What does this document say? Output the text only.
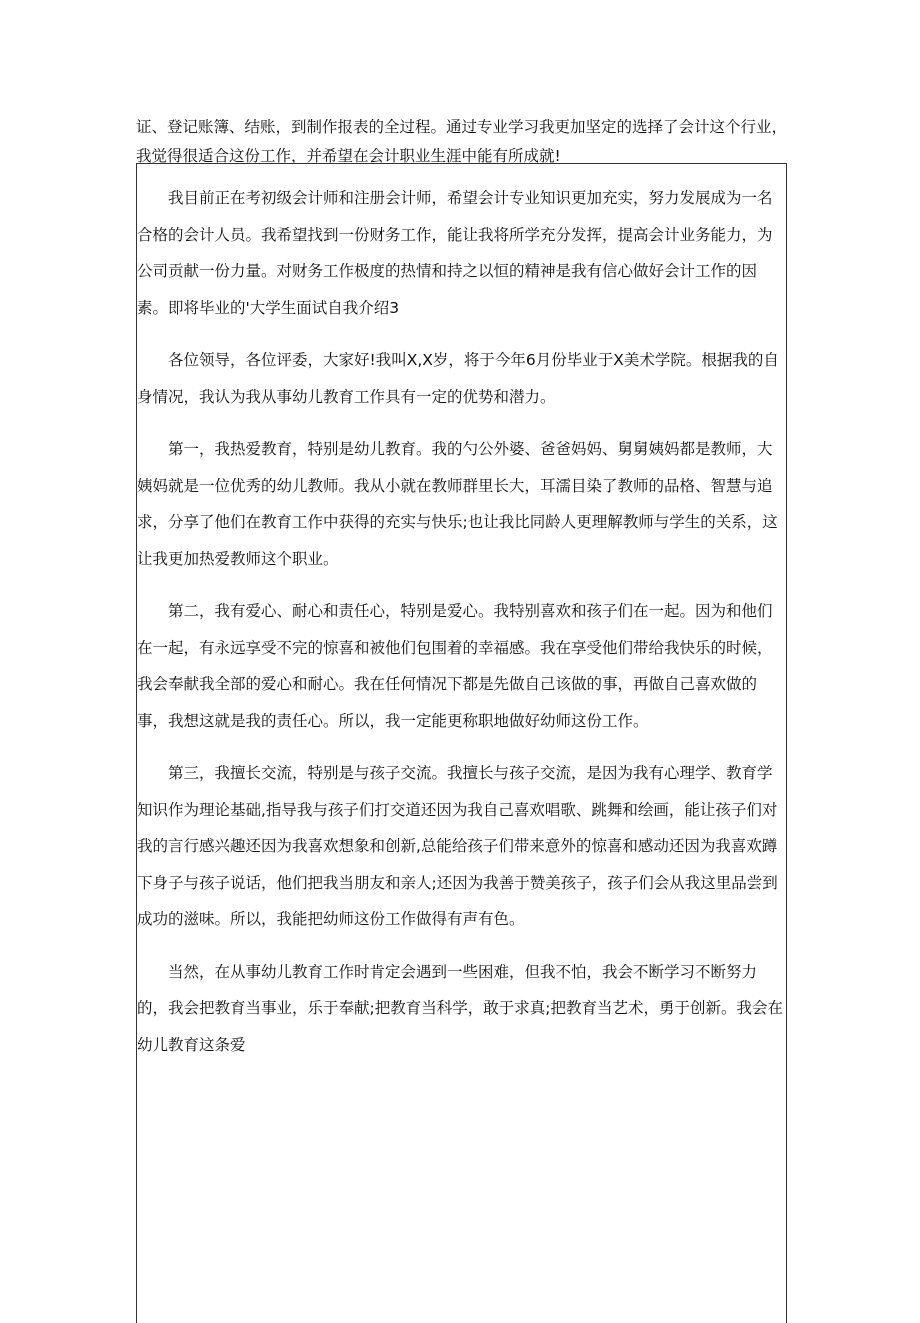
证、登记账簿、结账，到制作报表的全过程。通过专业学习我更加坚定的选择了会计这个行业，我觉得很适合这份工作，并希望在会计职业生涯中能有所成就!

我目前正在考初级会计师和注册会计师，希望会计专业知识更加充实，努力发展成为一名合格的会计人员。我希望找到一份财务工作，能让我将所学充分发挥，提高会计业务能力，为公司贡献一份力量。对财务工作极度的热情和持之以恒的精神是我有信心做好会计工作的因素。即将毕业的'大学生面试自我介绍3

各位领导，各位评委，大家好!我叫X,X岁，将于今年6月份毕业于X美术学院。根据我的自身情况，我认为我从事幼儿教育工作具有一定的优势和潜力。

第一，我热爱教育，特别是幼儿教育。我的勺公外婆、爸爸妈妈、舅舅姨妈都是教师，大姨妈就是一位优秀的幼儿教师。我从小就在教师群里长大，耳濡目染了教师的品格、智慧与追求，分享了他们在教育工作中获得的充实与快乐;也让我比同龄人更理解教师与学生的关系，这让我更加热爱教师这个职业。

第二，我有爱心、耐心和责任心，特别是爱心。我特别喜欢和孩子们在一起。因为和他们在一起，有永远享受不完的惊喜和被他们包围着的幸福感。我在享受他们带给我快乐的时候，我会奉献我全部的爱心和耐心。我在任何情况下都是先做自己该做的事，再做自己喜欢做的事，我想这就是我的责任心。所以，我一定能更称职地做好幼师这份工作。

第三，我擅长交流，特别是与孩子交流。我擅长与孩子交流，是因为我有心理学、教育学知识作为理论基础,指导我与孩子们打交道还因为我自己喜欢唱歌、跳舞和绘画，能让孩子们对我的言行感兴趣还因为我喜欢想象和创新,总能给孩子们带来意外的惊喜和感动还因为我喜欢蹲下身子与孩子说话，他们把我当朋友和亲人;还因为我善于赞美孩子，孩子们会从我这里品尝到成功的滋味。所以，我能把幼师这份工作做得有声有色。

当然，在从事幼儿教育工作时肯定会遇到一些困难，但我不怕，我会不断学习不断努力的，我会把教育当事业，乐于奉献;把教育当科学，敢于求真;把教育当艺术，勇于创新。我会在幼儿教育这条爱
